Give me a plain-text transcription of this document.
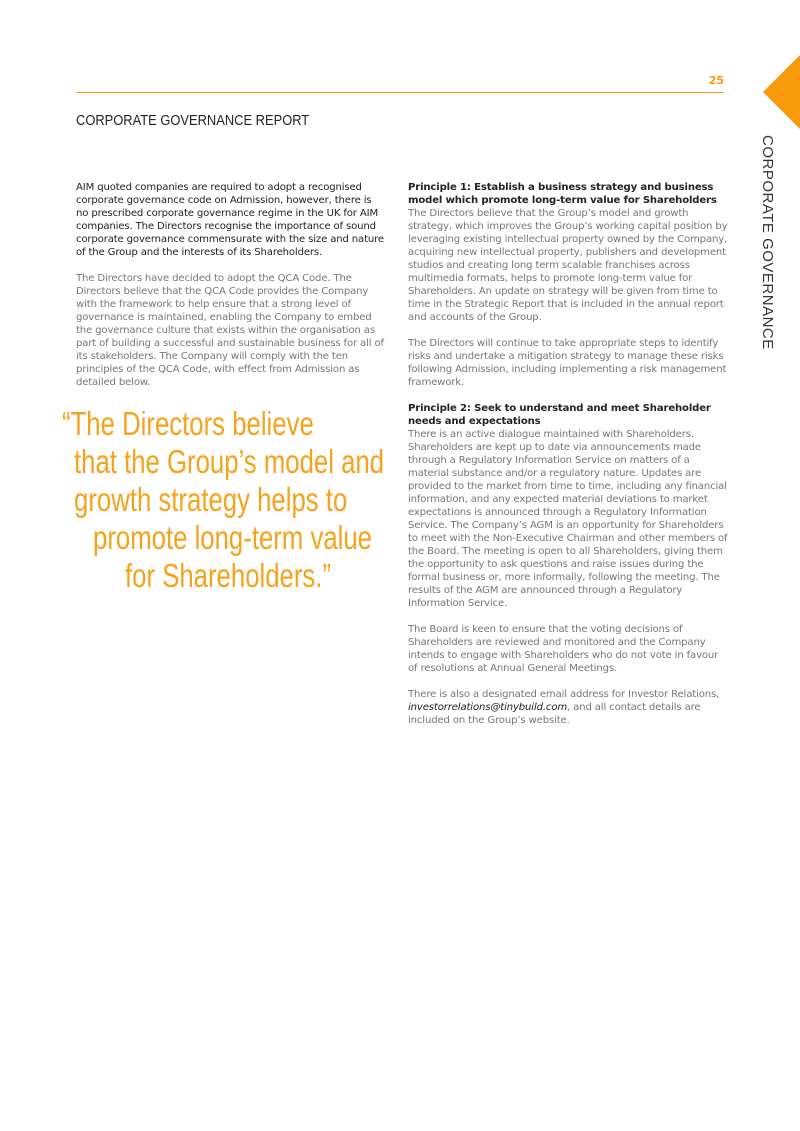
25
CORPORATE GOVERNANCE
CORPORATE GOVERNANCE REPORT

AIM quoted companies are required to adopt a recognised corporate governance code on Admission, however, there is no prescribed corporate governance regime in the UK for AIM companies. The Directors recognise the importance of sound corporate governance commensurate with the size and nature of the Group and the interests of its Shareholders.

The Directors have decided to adopt the QCA Code. The Directors believe that the QCA Code provides the Company with the framework to help ensure that a strong level of governance is maintained, enabling the Company to embed the governance culture that exists within the organisation as part of building a successful and sustainable business for all of its stakeholders. The Company will comply with the ten principles of the QCA Code, with effect from Admission as detailed below.

“The Directors believe
that the Group’s model and
growth strategy helps to
promote long-term value
for Shareholders.”
Principle 1: Establish a business strategy and business model which promote long-term value for Shareholders

The Directors believe that the Group’s model and growth strategy, which improves the Group’s working capital position by leveraging existing intellectual property owned by the Company, acquiring new intellectual property, publishers and development studios and creating long term scalable franchises across multimedia formats, helps to promote long-term value for Shareholders. An update on strategy will be given from time to time in the Strategic Report that is included in the annual report and accounts of the Group.

The Directors will continue to take appropriate steps to identify risks and undertake a mitigation strategy to manage these risks following Admission, including implementing a risk management framework.

Principle 2: Seek to understand and meet Shareholder needs and expectations

There is an active dialogue maintained with Shareholders. Shareholders are kept up to date via announcements made through a Regulatory Information Service on matters of a material substance and/or a regulatory nature. Updates are provided to the market from time to time, including any financial information, and any expected material deviations to market expectations is announced through a Regulatory Information Service. The Company’s AGM is an opportunity for Shareholders to meet with the Non-Executive Chairman and other members of the Board. The meeting is open to all Shareholders, giving them the opportunity to ask questions and raise issues during the formal business or, more informally, following the meeting. The results of the AGM are announced through a Regulatory Information Service.

The Board is keen to ensure that the voting decisions of Shareholders are reviewed and monitored and the Company intends to engage with Shareholders who do not vote in favour of resolutions at Annual General Meetings.

There is also a designated email address for Investor Relations, investorrelations@tinybuild.com, and all contact details are included on the Group’s website.
